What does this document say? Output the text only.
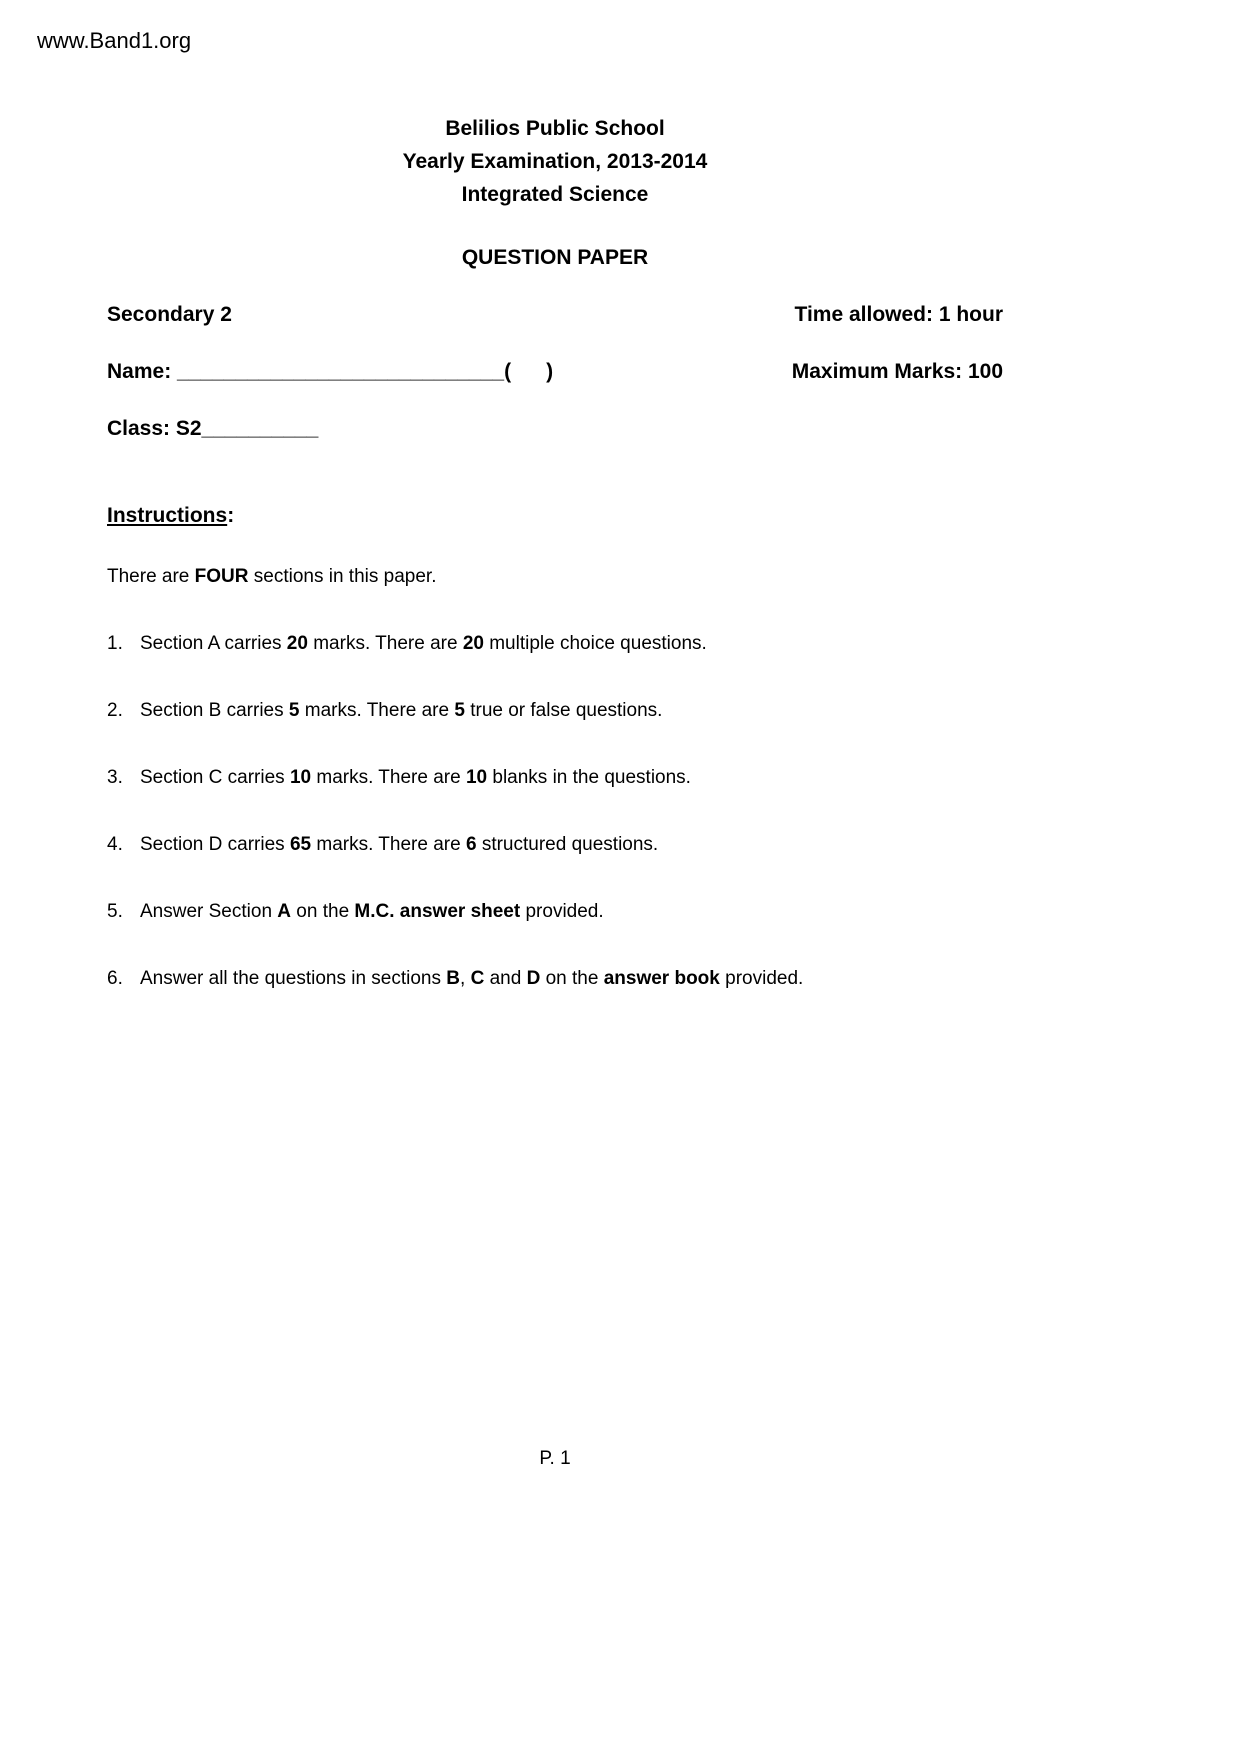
www.Band1.org
Belilios Public School
Yearly Examination, 2013-2014
Integrated Science
QUESTION PAPER
Secondary 2	Time allowed: 1 hour
Name: ____________________________(      )	Maximum Marks: 100
Class: S2__________
Instructions:

There are FOUR sections in this paper.

1. Section A carries 20 marks. There are 20 multiple choice questions.
2. Section B carries 5 marks. There are 5 true or false questions.
3. Section C carries 10 marks. There are 10 blanks in the questions.
4. Section D carries 65 marks. There are 6 structured questions.
5. Answer Section A on the M.C. answer sheet provided.
6. Answer all the questions in sections B, C and D on the answer book provided.
P. 1
